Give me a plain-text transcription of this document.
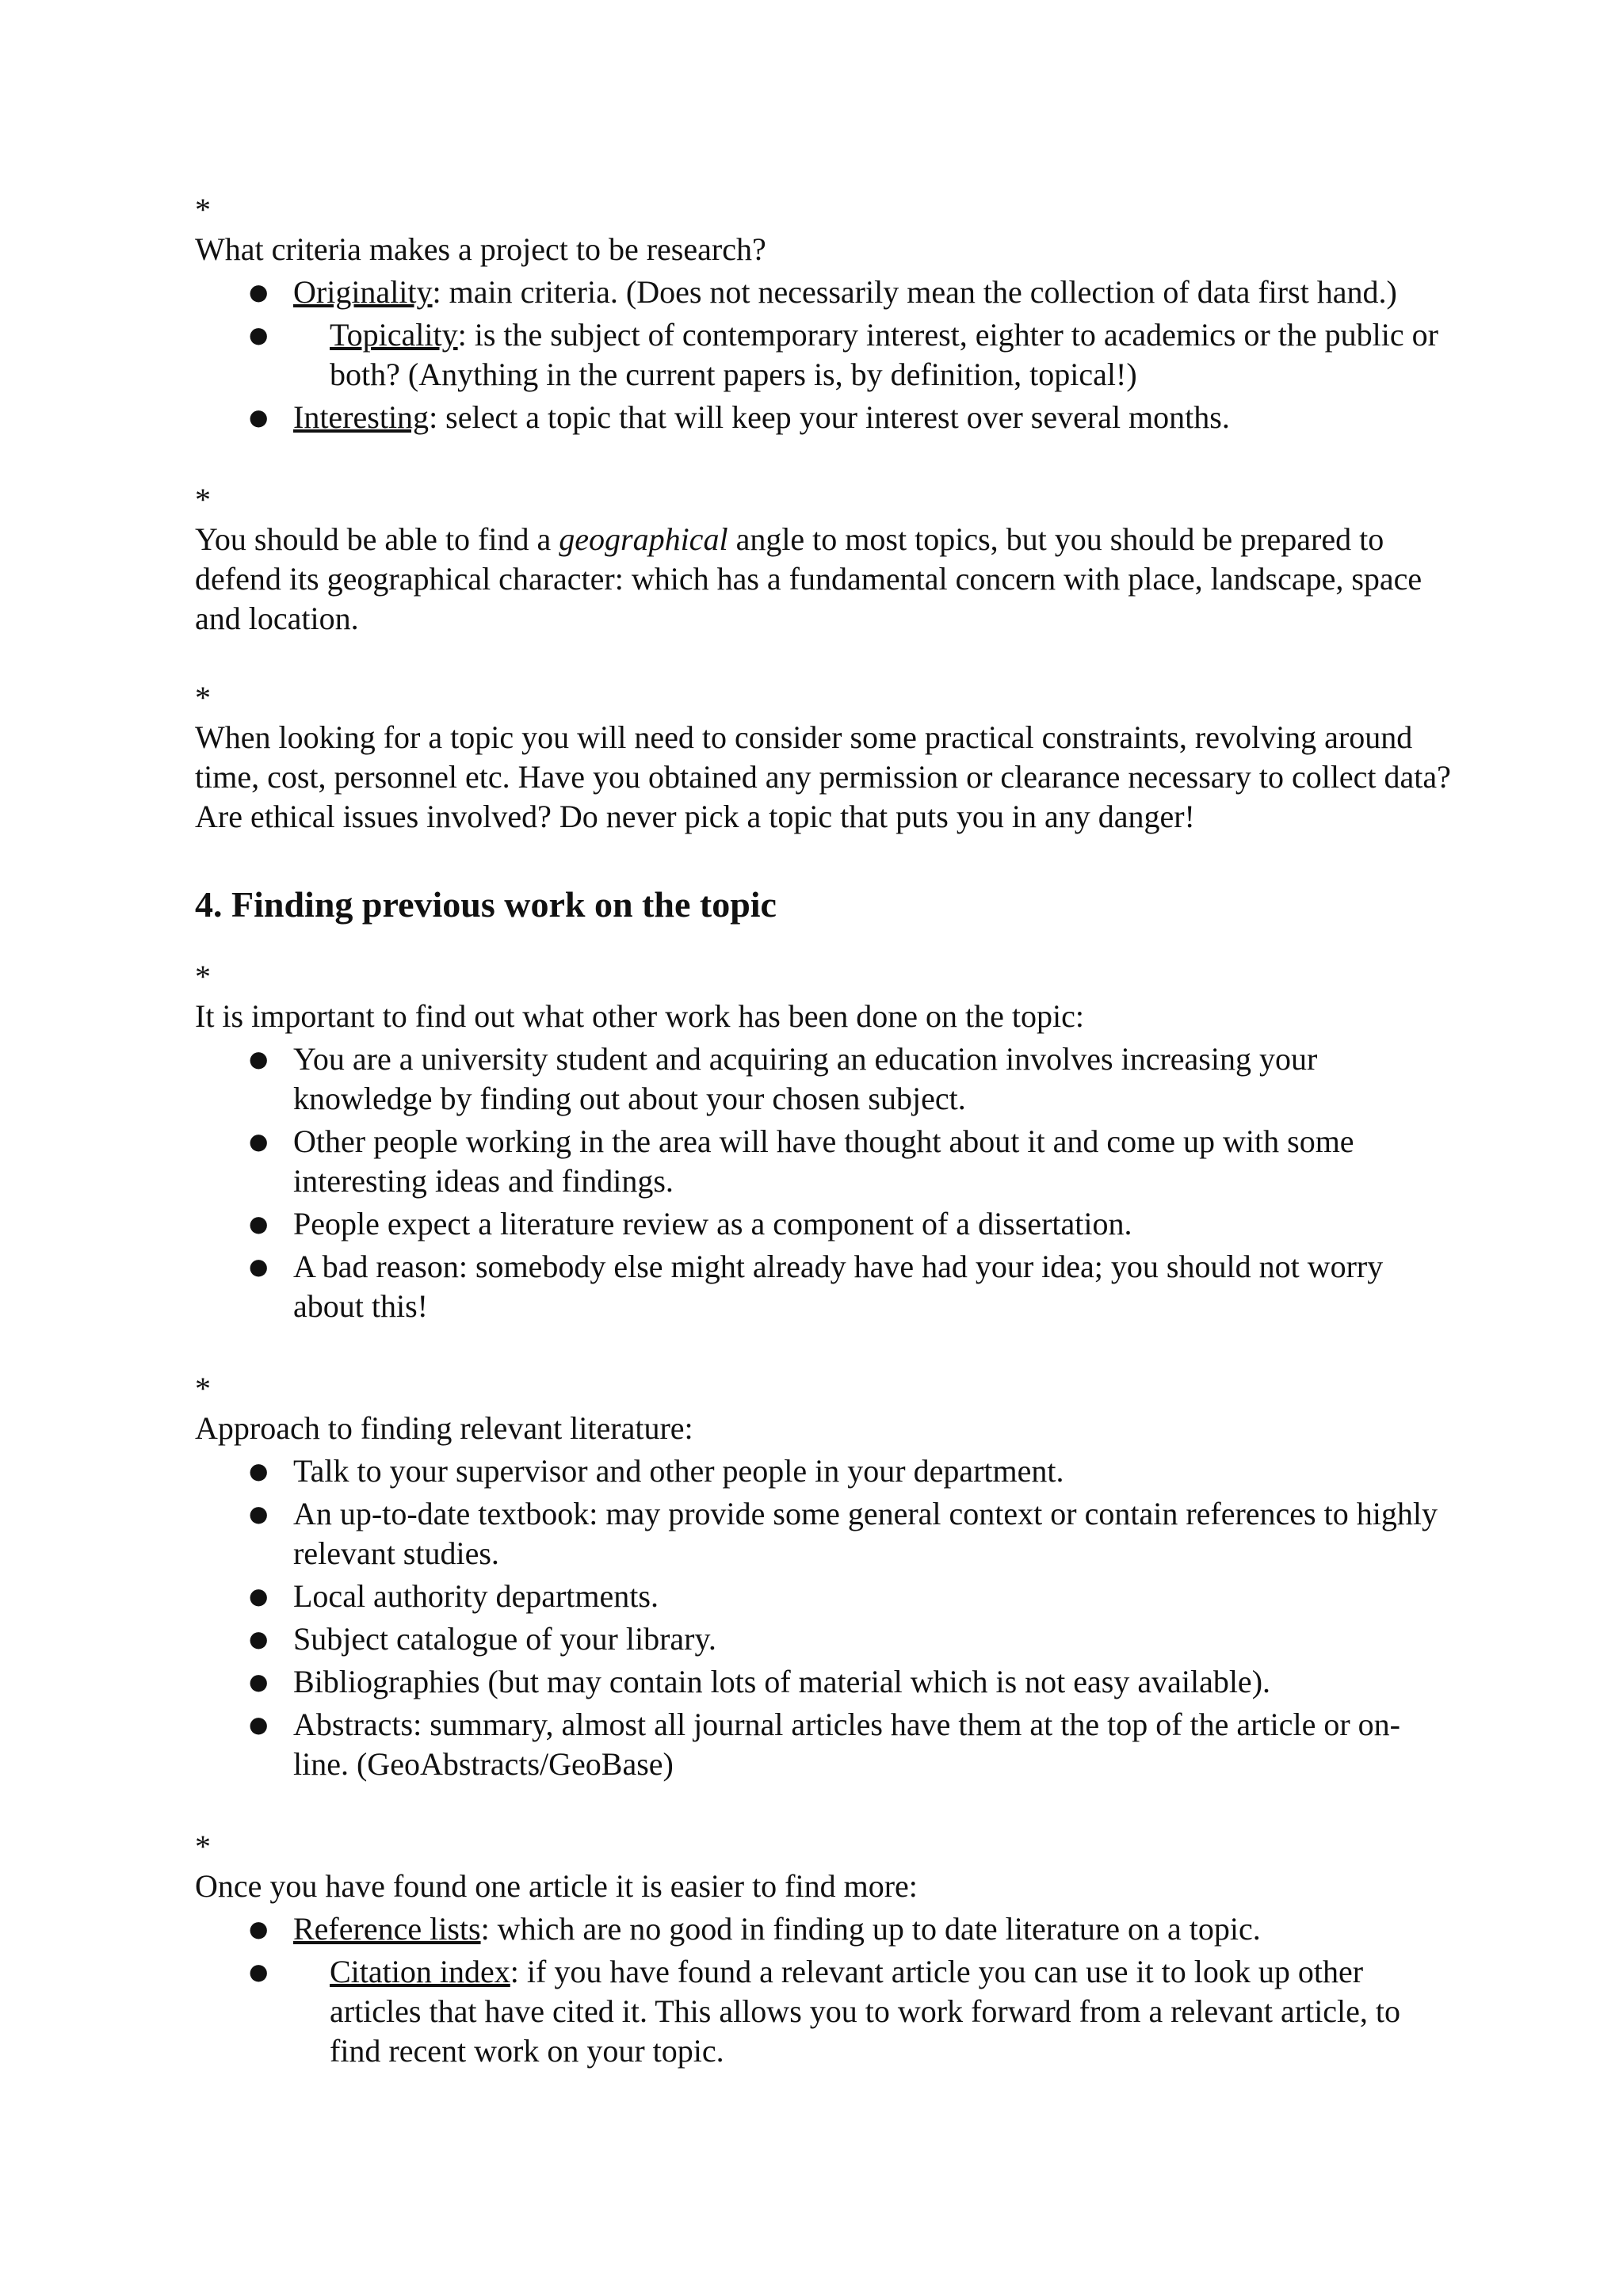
*

What criteria makes a project to be research?

● Originality: main criteria. (Does not necessarily mean the collection of data first hand.)
● Topicality: is the subject of contemporary interest, eighter to academics or the public or both? (Anything in the current papers is, by definition, topical!)
● Interesting: select a topic that will keep your interest over several months.

*

You should be able to find a geographical angle to most topics, but you should be prepared to defend its geographical character: which has a fundamental concern with place, landscape, space and location.

*

When looking for a topic you will need to consider some practical constraints, revolving around time, cost, personnel etc. Have you obtained any permission or clearance necessary to collect data? Are ethical issues involved? Do never pick a topic that puts you in any danger!

4. Finding previous work on the topic

*

It is important to find out what other work has been done on the topic:

● You are a university student and acquiring an education involves increasing your knowledge by finding out about your chosen subject.
● Other people working in the area will have thought about it and come up with some interesting ideas and findings.
● People expect a literature review as a component of a dissertation.
● A bad reason: somebody else might already have had your idea; you should not worry about this!

*

Approach to finding relevant literature:

● Talk to your supervisor and other people in your department.
● An up-to-date textbook: may provide some general context or contain references to highly relevant studies.
● Local authority departments.
● Subject catalogue of your library.
● Bibliographies (but may contain lots of material which is not easy available).
● Abstracts: summary, almost all journal articles have them at the top of the article or on-line. (GeoAbstracts/GeoBase)

*

Once you have found one article it is easier to find more:

● Reference lists: which are no good in finding up to date literature on a topic.
● Citation index: if you have found a relevant article you can use it to look up other articles that have cited it. This allows you to work forward from a relevant article, to find recent work on your topic.
